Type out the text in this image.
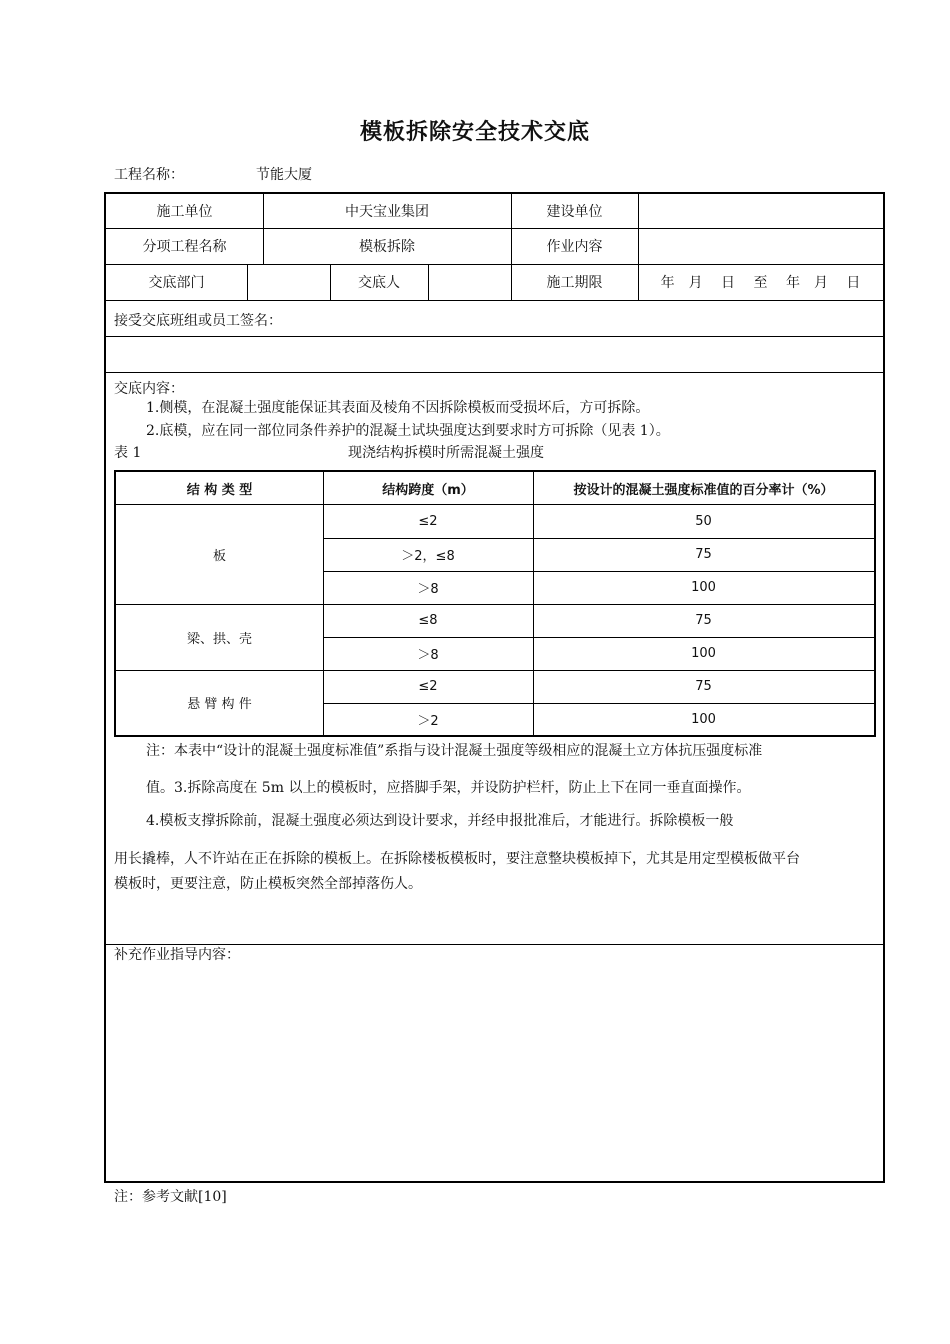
模板拆除安全技术交底
工程名称：	节能大厦
施工单位	中天宝业集团	建设单位
分项工程名称	模板拆除	作业内容
交底部门	交底人	施工期限	年　月　 日　 至　 年　月　 日
接受交底班组或员工签名：
补充作业指导内容：
交底内容：
1.侧模，在混凝土强度能保证其表面及棱角不因拆除模板而受损坏后，方可拆除。
2.底模，应在同一部位同条件养护的混凝土试块强度达到要求时方可拆除（见表 1）。
表 1	现浇结构拆模时所需混凝土强度
结 构 类 型	结构跨度（m）	按设计的混凝土强度标准值的百分率计（%）
板
≤2	50
＞2，≤8	75
＞8	100
梁、拱、壳
≤8	75
＞8	100
悬 臂 构 件
≤2	75
＞2	100
注：本表中“设计的混凝土强度标准值”系指与设计混凝土强度等级相应的混凝土立方体抗压强度标准
值。3.拆除高度在 5m 以上的模板时，应搭脚手架，并设防护栏杆，防止上下在同一垂直面操作。
4.模板支撑拆除前，混凝土强度必须达到设计要求，并经申报批准后，才能进行。拆除模板一般
用长撬棒，人不许站在正在拆除的模板上。在拆除楼板模板时，要注意整块模板掉下，尤其是用定型模板做平台
模板时，更要注意，防止模板突然全部掉落伤人。
注：参考文献[10]
